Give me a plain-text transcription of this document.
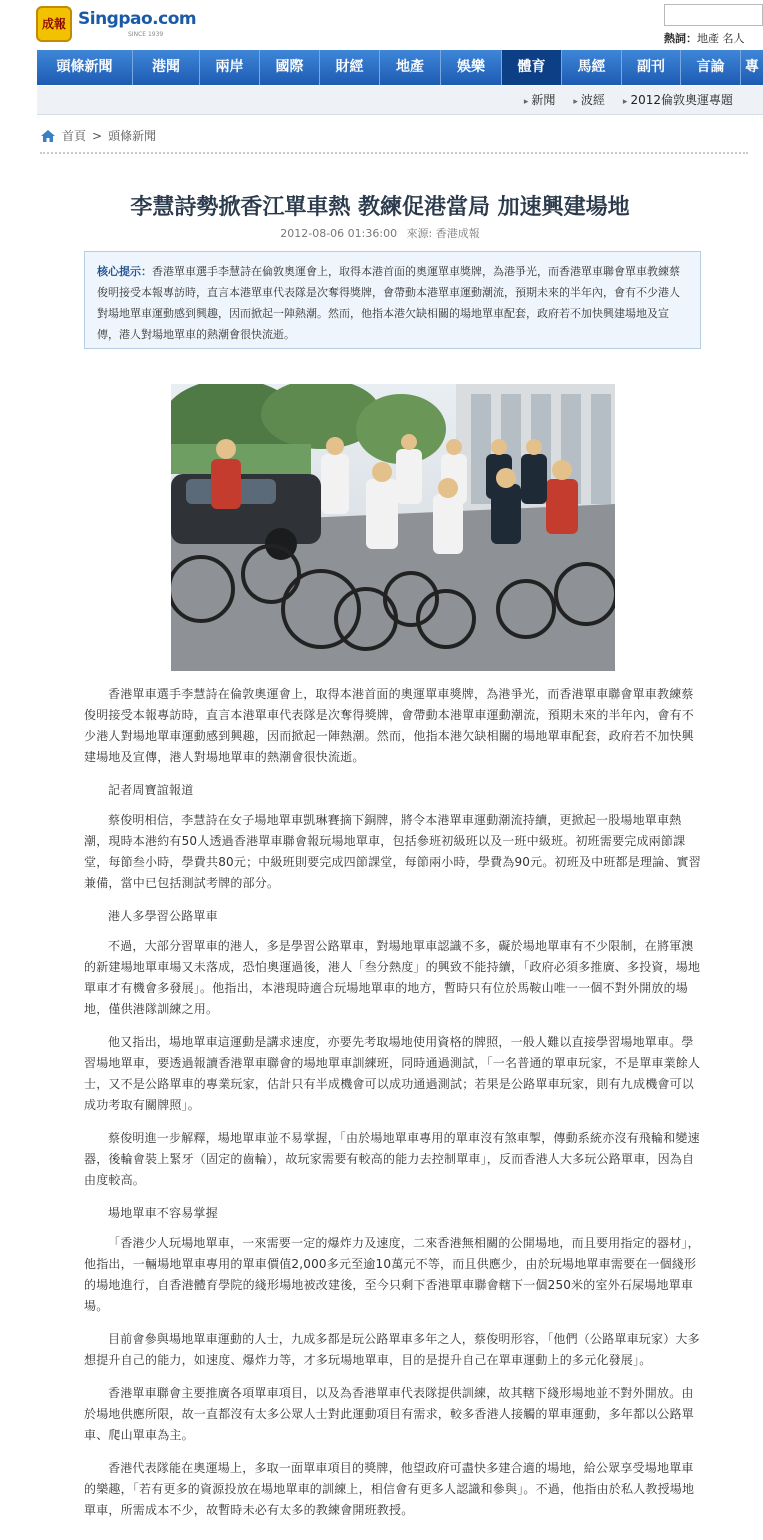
成報 Singpao.com
SINCE 1939	熱詞：地產 名人
頭條新聞	港聞	兩岸	國際	財經	地產	娛樂	體育	馬經	副刊	言論	專
▸ 新聞 ▸ 波經 ▸ 2012倫敦奧運專題
首頁 > 頭條新聞
李慧詩勢掀香江單車熱 教練促港當局 加速興建場地
2012-08-06 01:36:00 來源: 香港成報
核心提示：香港單車選手李慧詩在倫敦奧運會上，取得本港首面的奧運單車獎牌，為港爭光，而香港單車聯會單車教練蔡俊明接受本報專訪時，直言本港單車代表隊是次奪得獎牌，會帶動本港單車運動潮流，預期未來的半年內，會有不少港人對場地單車運動感到興趣，因而掀起一陣熱潮。然而，他指本港欠缺相關的場地單車配套，政府若不加快興建場地及宣傳，港人對場地單車的熱潮會很快流逝。

香港單車選手李慧詩在倫敦奧運會上，取得本港首面的奧運單車獎牌，為港爭光，而香港單車聯會單車教練蔡俊明接受本報專訪時，直言本港單車代表隊是次奪得獎牌，會帶動本港單車運動潮流，預期未來的半年內，會有不少港人對場地單車運動感到興趣，因而掀起一陣熱潮。然而，他指本港欠缺相關的場地單車配套，政府若不加快興建場地及宣傳，港人對場地單車的熱潮會很快流逝。

記者周寶誼報道

蔡俊明相信，李慧詩在女子場地單車凱琳賽摘下銅牌，將令本港單車運動潮流持續，更掀起一股場地單車熱潮，現時本港約有50人透過香港單車聯會報玩場地單車，包括參班初級班以及一班中級班。初班需要完成兩節課堂，每節叁小時，學費共80元；中級班則要完成四節課堂，每節兩小時，學費為90元。初班及中班都是理論、實習兼備，當中已包括測試考牌的部分。

港人多學習公路單車

不過，大部分習單車的港人，多是學習公路單車，對場地單車認識不多，礙於場地單車有不少限制，在將軍澳的新建場地單車場又未落成，恐怕奧運過後，港人「叁分熱度」的興致不能持續，「政府必須多推廣、多投資，場地單車才有機會多發展」。他指出，本港現時適合玩場地單車的地方，暫時只有位於馬鞍山唯一一個不對外開放的場地，僅供港隊訓練之用。

他又指出，場地單車這運動是講求速度，亦要先考取場地使用資格的牌照，一般人難以直接學習場地單車。學習場地單車，要透過報讀香港單車聯會的場地單車訓練班，同時通過測試，「一名普通的單車玩家，不是單車業餘人士，又不是公路單車的專業玩家，估計只有半成機會可以成功通過測試；若果是公路單車玩家，則有九成機會可以成功考取有關牌照」。

蔡俊明進一步解釋，場地單車並不易掌握，「由於場地單車專用的單車沒有煞車掣，傳動系統亦沒有飛輪和變速器，後輪會裝上緊牙（固定的齒輪），故玩家需要有較高的能力去控制單車」，反而香港人大多玩公路單車，因為自由度較高。

場地單車不容易掌握

「香港少人玩場地單車，一來需要一定的爆炸力及速度，二來香港無相關的公開場地，而且要用指定的器材」，他指出，一輛場地單車專用的單車價值2,000多元至逾10萬元不等，而且供應少，由於玩場地單車需要在一個綫形的場地進行，自香港體育學院的綫形場地被改建後，至今只剩下香港單車聯會轄下一個250米的室外石屎場地單車場。

目前會參與場地單車運動的人士，九成多都是玩公路單車多年之人，蔡俊明形容，「他們（公路單車玩家）大多想提升自己的能力，如速度、爆炸力等，才多玩場地單車，目的是提升自己在單車運動上的多元化發展」。

香港單車聯會主要推廣各項單車項目，以及為香港單車代表隊提供訓練，故其轄下綫形場地並不對外開放。由於場地供應所限，故一直都沒有太多公眾人士對此運動項目有需求，較多香港人接觸的單車運動，多年都以公路單車、爬山單車為主。

香港代表隊能在奧運場上，多取一面單車項目的獎牌，他望政府可盡快多建合適的場地，給公眾享受場地單車的樂趣，「若有更多的資源投放在場地單車的訓練上，相信會有更多人認識和參與」。不過，他指由於私人教授場地單車，所需成本不少，故暫時未必有太多的教練會開班教授。
